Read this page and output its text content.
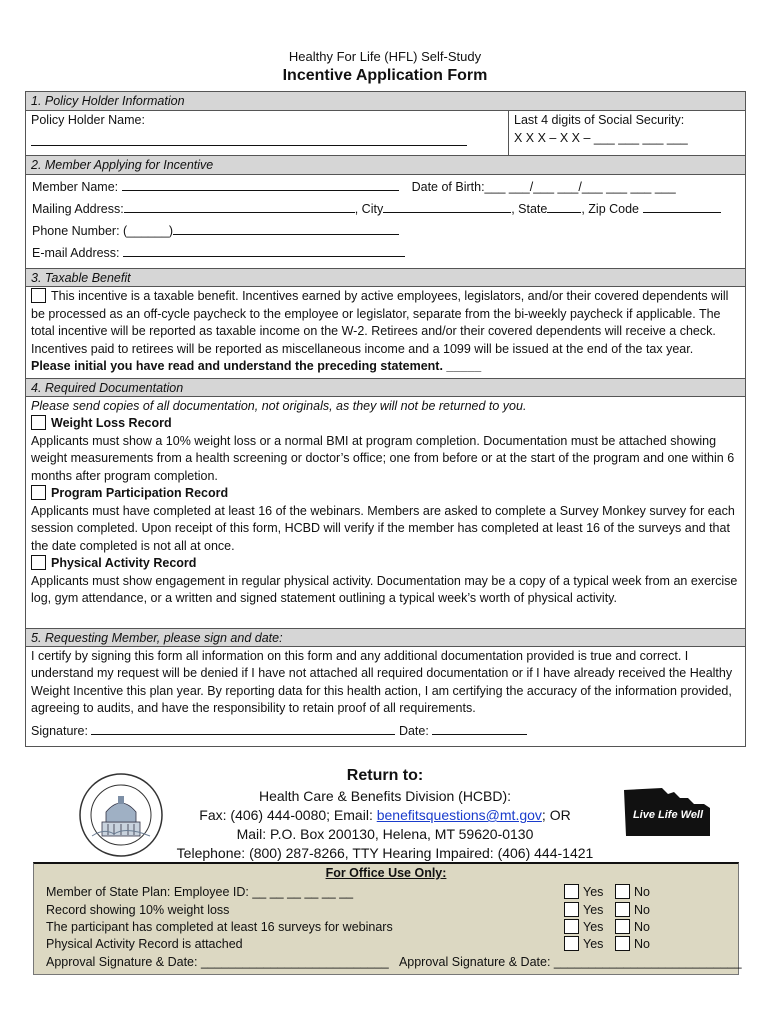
Healthy For Life (HFL) Self-Study
Incentive Application Form
1. Policy Holder Information
Policy Holder Name:	Last 4 digits of Social Security:
X X X – X X – ___ ___ ___ ___
2. Member Applying for Incentive
Member Name:	Date of Birth:___ ___/___ ___/___ ___ ___ ___
Mailing Address:	, City	, State	, Zip Code
Phone Number: (______)
E-mail Address:
3. Taxable Benefit
This incentive is a taxable benefit. Incentives earned by active employees, legislators, and/or their covered dependents will be processed as an off-cycle paycheck to the employee or legislator, separate from the bi-weekly paycheck if applicable. The total incentive will be reported as taxable income on the W-2. Retirees and/or their covered dependents will receive a check. Incentives paid to retirees will be reported as miscellaneous income and a 1099 will be issued at the end of the tax year.
Please initial you have read and understand the preceding statement. _____
4. Required Documentation
Please send copies of all documentation, not originals, as they will not be returned to you.
Weight Loss Record
Applicants must show a 10% weight loss or a normal BMI at program completion. Documentation must be attached showing weight measurements from a health screening or doctor’s office; one from before or at the start of the program and one within 6 months after program completion.
Program Participation Record
Applicants must have completed at least 16 of the webinars. Members are asked to complete a Survey Monkey survey for each session completed. Upon receipt of this form, HCBD will verify if the member has completed at least 16 of the surveys and that the date completed is not all at once.
Physical Activity Record
Applicants must show engagement in regular physical activity. Documentation may be a copy of a typical week from an exercise log, gym attendance, or a written and signed statement outlining a typical week’s worth of physical activity.
5. Requesting Member, please sign and date:
I certify by signing this form all information on this form and any additional documentation provided is true and correct. I understand my request will be denied if I have not attached all required documentation or if I have already received the Healthy Weight Incentive this plan year. By reporting data for this health action, I am certifying the accuracy of the information provided, agreeing to audits, and have the responsibility to retain proof of all requirements.
Signature:	Date:
Return to:
Health Care & Benefits Division (HCBD):
Fax: (406) 444-0080; Email: benefitsquestions@mt.gov; OR
Mail: P.O. Box 200130, Helena, MT 59620-0130
Telephone: (800) 287-8266, TTY Hearing Impaired: (406) 444-1421
Live Life Well
For Office Use Only:
Member of State Plan: Employee ID: __ __ __ __ __ __	Yes No
Record showing 10% weight loss	Yes No
The participant has completed at least 16 surveys for webinars	Yes No
Physical Activity Record is attached	Yes No
Approval Signature & Date: ___________________________ Approval Signature & Date: ___________________________
